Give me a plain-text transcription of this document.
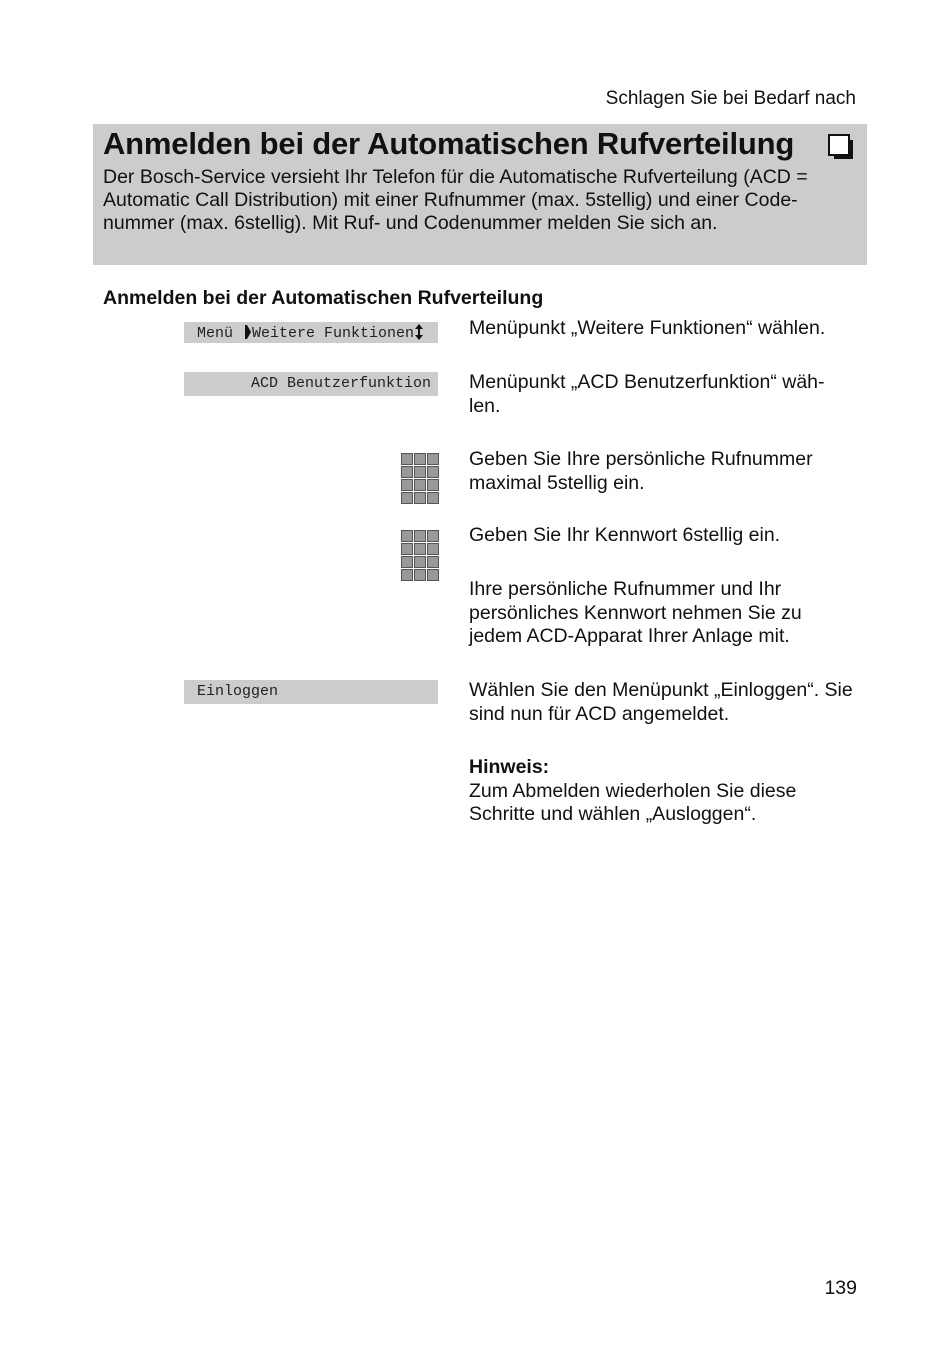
Schlagen Sie bei Bedarf nach
Anmelden bei der Automatischen Rufverteilung
Der Bosch-Service versieht Ihr Telefon für die Automatische Rufverteilung (ACD = Automatic Call Distribution) mit einer Rufnummer (max. 5stellig) und einer Code-nummer (max. 6stellig). Mit Ruf- und Codenummer melden Sie sich an.
Anmelden bei der Automatischen Rufverteilung
Menü Weitere Funktionen
ACD Benutzerfunktion
Einloggen
Menüpunkt „Weitere Funktionen“ wählen.
Menüpunkt „ACD Benutzerfunktion“ wäh-len.
Geben Sie Ihre persönliche Rufnummer maximal 5stellig ein.
Geben Sie Ihr Kennwort 6stellig ein.
Ihre persönliche Rufnummer und Ihr persönliches Kennwort nehmen Sie zu jedem ACD-Apparat Ihrer Anlage mit.
Wählen Sie den Menüpunkt „Einloggen“. Sie sind nun für ACD angemeldet.
Hinweis:
Zum Abmelden wiederholen Sie diese Schritte und wählen „Ausloggen“.
139
